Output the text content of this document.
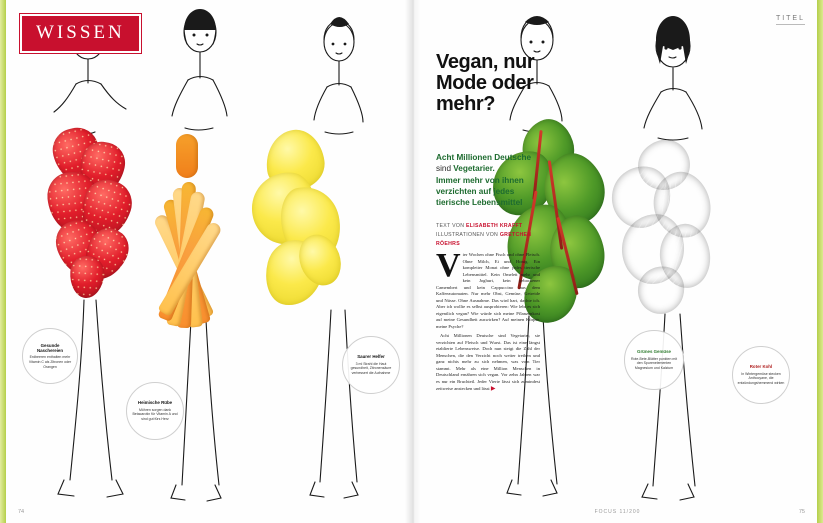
WISSEN
Gesunde Naschereien
Erdbeeren enthalten mehr Vitamin C als Zitronen oder Orangen
Heimische Rübe
Möhren sorgen dank Betacarotin für Vitamin A und sind gut fürs Herz
Saurer Helfer
3 ml Strahl die Haut gesundheit, Zitronensäure verbessert die Aufnahme
74
TITEL
Vegan, nur
Mode oder
mehr?
Acht Millionen Deutsche
sind Vegetarier.
Immer mehr von ihnen
verzichten auf jedes
tierische Lebensmittel
TEXT VON ELISABETH KRAFFT
ILLUSTRATIONEN VON GRETCHEN RÖEHRS

Vier Wochen ohne Fisch und ohne Fleisch. Ohne Milch, Ei und Honig. Ein kompletter Monat ohne jedes tierische Lebensmittel. Kein Omelett mehr und kein Joghurt, kein gebackener Camembert und kein Cappuccino aus dem Kaffeeautomaten. Nur mehr Obst, Gemüse, Getreide und Nüsse. Ohne Ausnahme. Das wird hart, dachte ich. Aber ich wollte es selbst ausprobieren: Wie lebt es sich eigentlich vegan? Wie würde sich meine Pflanzenkost auf meine Gesundheit auswirken? Auf meinen Körper, meine Psyche?

Acht Millionen Deutsche sind Vegetarier, sie verzichten auf Fleisch und Wurst. Das ist eine längst etablierte Lebensweise. Doch nun steigt die Zahl der Menschen, die den Verzicht noch weiter treiben und ganz nichts mehr zu sich nehmen, was vom Tier stammt. Mehr als eine Million Menschen in Deutschland ernähren sich vegan. Vor zehn Jahren war es nur ein Bruchteil. Jeder Vierte lässt sich zumindest zeitweise anstecken und lässt ▶

Grünes Gemüse
Rote-Bete-Blätter punkten mit den Spurenelementen Magnesium und Kalzium	Roter Kohl
In Wintergemüse stecken Anthocyane, die entzündungshemmend wirken
FOCUS 11/200	75
